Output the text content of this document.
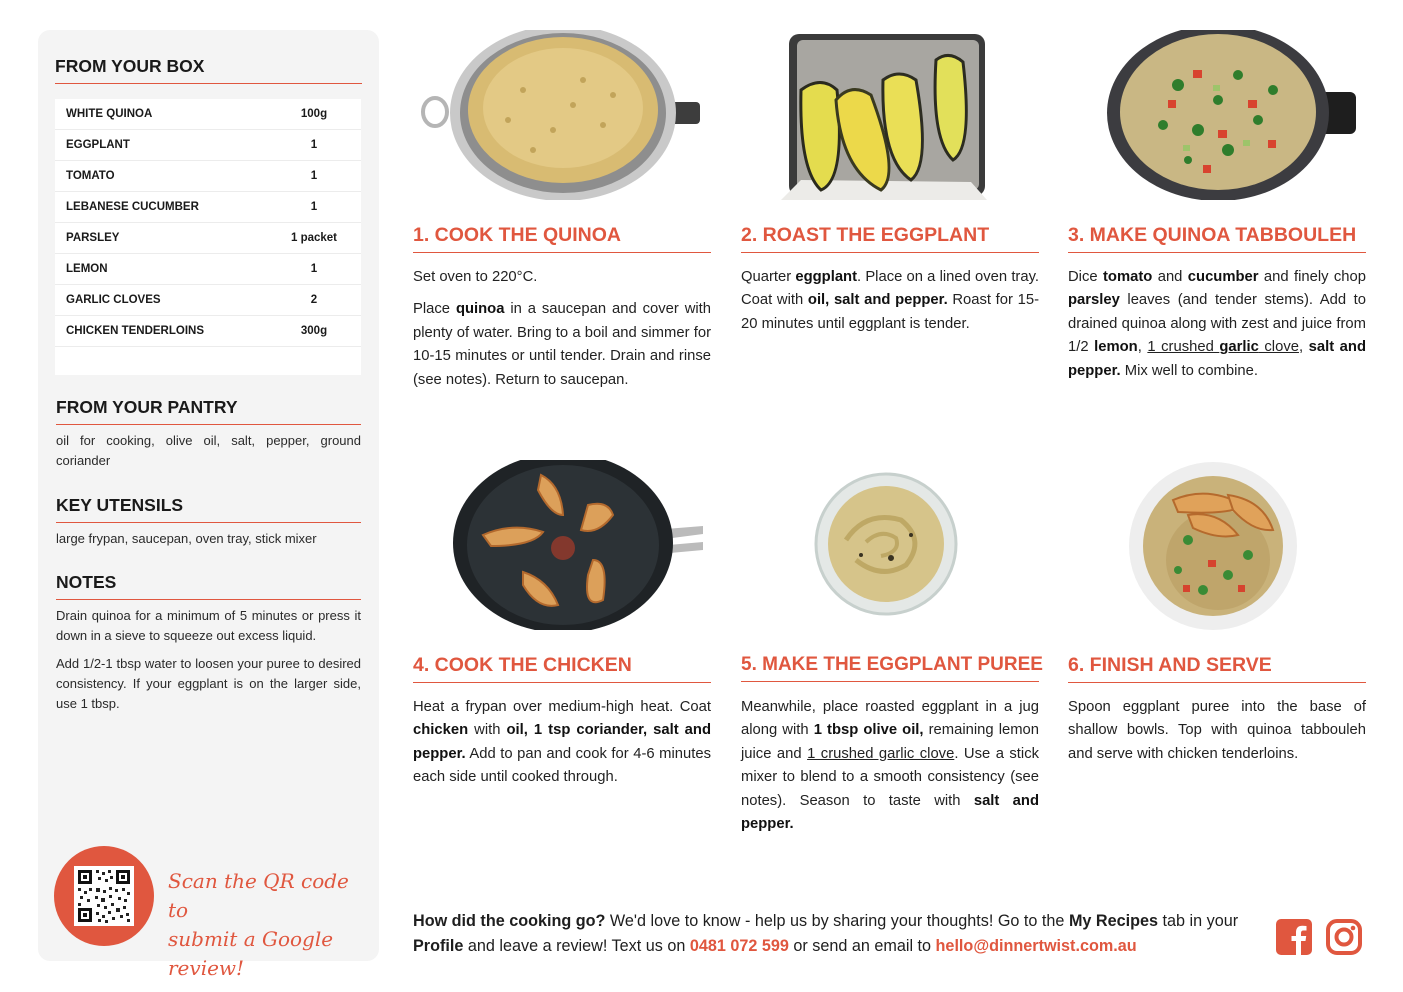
FROM YOUR BOX
WHITE QUINOA	100g
EGGPLANT	1
TOMATO	1
LEBANESE CUCUMBER	1
PARSLEY	1 packet
LEMON	1
GARLIC CLOVES	2
CHICKEN TENDERLOINS	300g
FROM YOUR PANTRY
oil for cooking, olive oil, salt, pepper, ground coriander
KEY UTENSILS
large frypan, saucepan, oven tray, stick mixer
NOTES

Drain quinoa for a minimum of 5 minutes or press it down in a sieve to squeeze out excess liquid.

Add 1/2-1 tbsp water to loosen your puree to desired consistency. If your eggplant is on the larger side, use 1 tbsp.

Scan the QR code to
submit a Google review!
1. COOK THE QUINOA

Set oven to 220°C.

Place quinoa in a saucepan and cover with plenty of water. Bring to a boil and simmer for 10-15 minutes or until tender. Drain and rinse (see notes). Return to saucepan.

2. ROAST THE EGGPLANT

Quarter eggplant. Place on a lined oven tray. Coat with oil, salt and pepper. Roast for 15-20 minutes until eggplant is tender.

3. MAKE QUINOA TABBOULEH

Dice tomato and cucumber and finely chop parsley leaves (and tender stems). Add to drained quinoa along with zest and juice from 1/2 lemon, 1 crushed garlic clove, salt and pepper. Mix well to combine.

4. COOK THE CHICKEN

Heat a frypan over medium-high heat. Coat chicken with oil, 1 tsp coriander, salt and pepper. Add to pan and cook for 4-6 minutes each side until cooked through.

5. MAKE THE EGGPLANT PUREE

Meanwhile, place roasted eggplant in a jug along with 1 tbsp olive oil, remaining lemon juice and 1 crushed garlic clove. Use a stick mixer to blend to a smooth consistency (see notes). Season to taste with salt and pepper.

6. FINISH AND SERVE

Spoon eggplant puree into the base of shallow bowls. Top with quinoa tabbouleh and serve with chicken tenderloins.

How did the cooking go? We'd love to know - help us by sharing your thoughts! Go to the My Recipes tab in your Profile and leave a review! Text us on 0481 072 599 or send an email to hello@dinnertwist.com.au
